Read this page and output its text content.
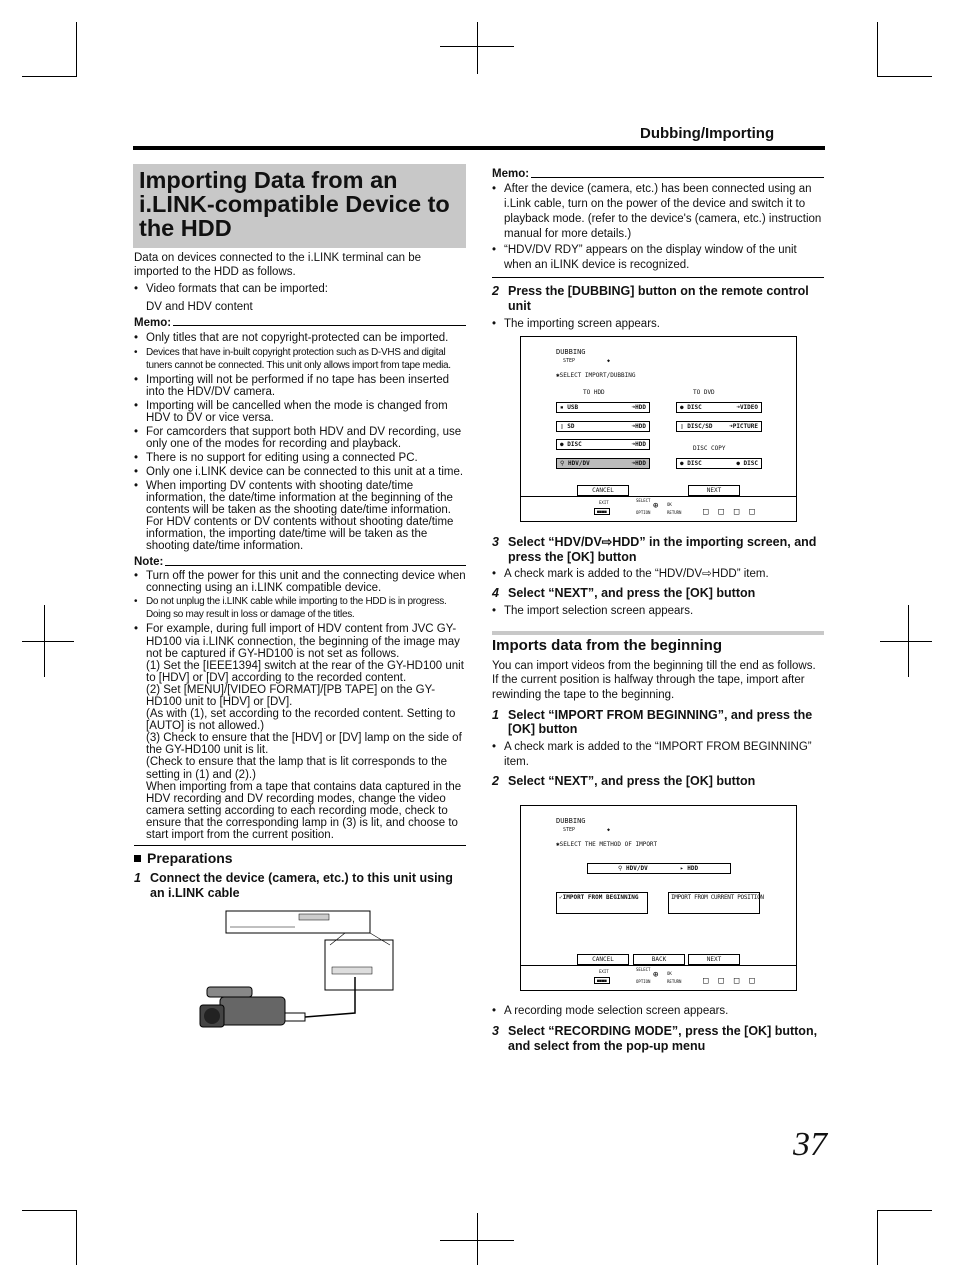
Dubbing/Importing
Importing Data from an
i.LINK-compatible Device to
the HDD

Data on devices connected to the i.LINK terminal can be
imported to the HDD as follows.

• Video formats that can be imported:

DV and HDV content

Memo:

• Only titles that are not copyright-protected can be imported.

• Devices that have in-built copyright protection such as D-VHS and digital tuners cannot be connected. This unit only allows import from tape media.

• Importing will not be performed if no tape has been inserted into the HDV/DV camera.

• Importing will be cancelled when the mode is changed from HDV to DV or vice versa.

• For camcorders that support both HDV and DV recording, use only one of the modes for recording and playback.

• There is no support for editing using a connected PC.

• Only one i.LINK device can be connected to this unit at a time.

• When importing DV contents with shooting date/time information, the date/time information at the beginning of the contents will be taken as the shooting date/time information. For HDV contents or DV contents without shooting date/time information, the importing date/time will be taken as the shooting date/time information.

Note:

• Turn off the power for this unit and the connecting device when connecting using an i.LINK compatible device.

• Do not unplug the i.LINK cable while importing to the HDD is in progress. Doing so may result in loss or damage of the titles.

• For example, during full import of HDV content from JVC GY-HD100 via i.LINK connection, the beginning of the image may not be captured if GY-HD100 is not set as follows.
(1) Set the [IEEE1394] switch at the rear of the GY-HD100 unit to [HDV] or [DV] according to the recorded content.
(2) Set [MENU]/[VIDEO FORMAT]/[PB TAPE] on the GY-HD100 unit to [HDV] or [DV].
(As with (1), set according to the recorded content. Setting to [AUTO] is not allowed.)
(3) Check to ensure that the [HDV] or [DV] lamp on the side of the GY-HD100 unit is lit.
(Check to ensure that the lamp that is lit corresponds to the setting in (1) and (2).)
When importing from a tape that contains data captured in the HDV recording and DV recording modes, change the video camera setting according to each recording mode, check to ensure that the corresponding lamp in (3) is lit, and choose to start import from the current position.
Preparations
1 Connect the device (camera, etc.) to this unit using an i.LINK cable
Memo:

• After the device (camera, etc.) has been connected using an i.Link cable, turn on the power of the device and switch it to playback mode. (refer to the device's (camera, etc.) instruction manual for more details.)

• “HDV/DV RDY” appears on the display window of the unit when an iLINK device is recognized.

2 Press the [DUBBING] button on the remote control unit

• The importing screen appears.

DUBBING
STEP	◆
✱SELECT IMPORT/DUBBING
TO HDD	TO DVD
DISC COPY
▪ USB	➜HDD
▯ SD	➜HDD
● DISC	➜HDD
⚲ HDV/DV	➜HDD
● DISC	➜VIDEO
▯ DISC/SD	➜PICTURE
● DISC	● DISC
CANCEL	NEXT
EXIT
■■■■
SELECT
OK
OPTION	RETURN
⊕
□□□□
3 Select “HDV/DV⇨HDD” in the importing screen, and press the [OK] button

• A check mark is added to the “HDV/DV⇨HDD” item.

4 Select “NEXT”, and press the [OK] button

• The import selection screen appears.

Imports data from the beginning

You can import videos from the beginning till the end as follows. If the current position is halfway through the tape, import after rewinding the tape to the beginning.

1 Select “IMPORT FROM BEGINNING”, and press the [OK] button

• A check mark is added to the “IMPORT FROM BEGINNING” item.

2 Select “NEXT”, and press the [OK] button
DUBBING
STEP	◆
✱SELECT THE METHOD OF IMPORT
⚲ HDV/DV	▸ HDD
✓IMPORT FROM BEGINNING	IMPORT FROM CURRENT POSITION
CANCEL	BACK	NEXT
EXIT
■■■■
SELECT
OK
OPTION	RETURN
⊕
□□□□

• A recording mode selection screen appears.

3 Select “RECORDING MODE”, press the [OK] button, and select from the pop-up menu
37
